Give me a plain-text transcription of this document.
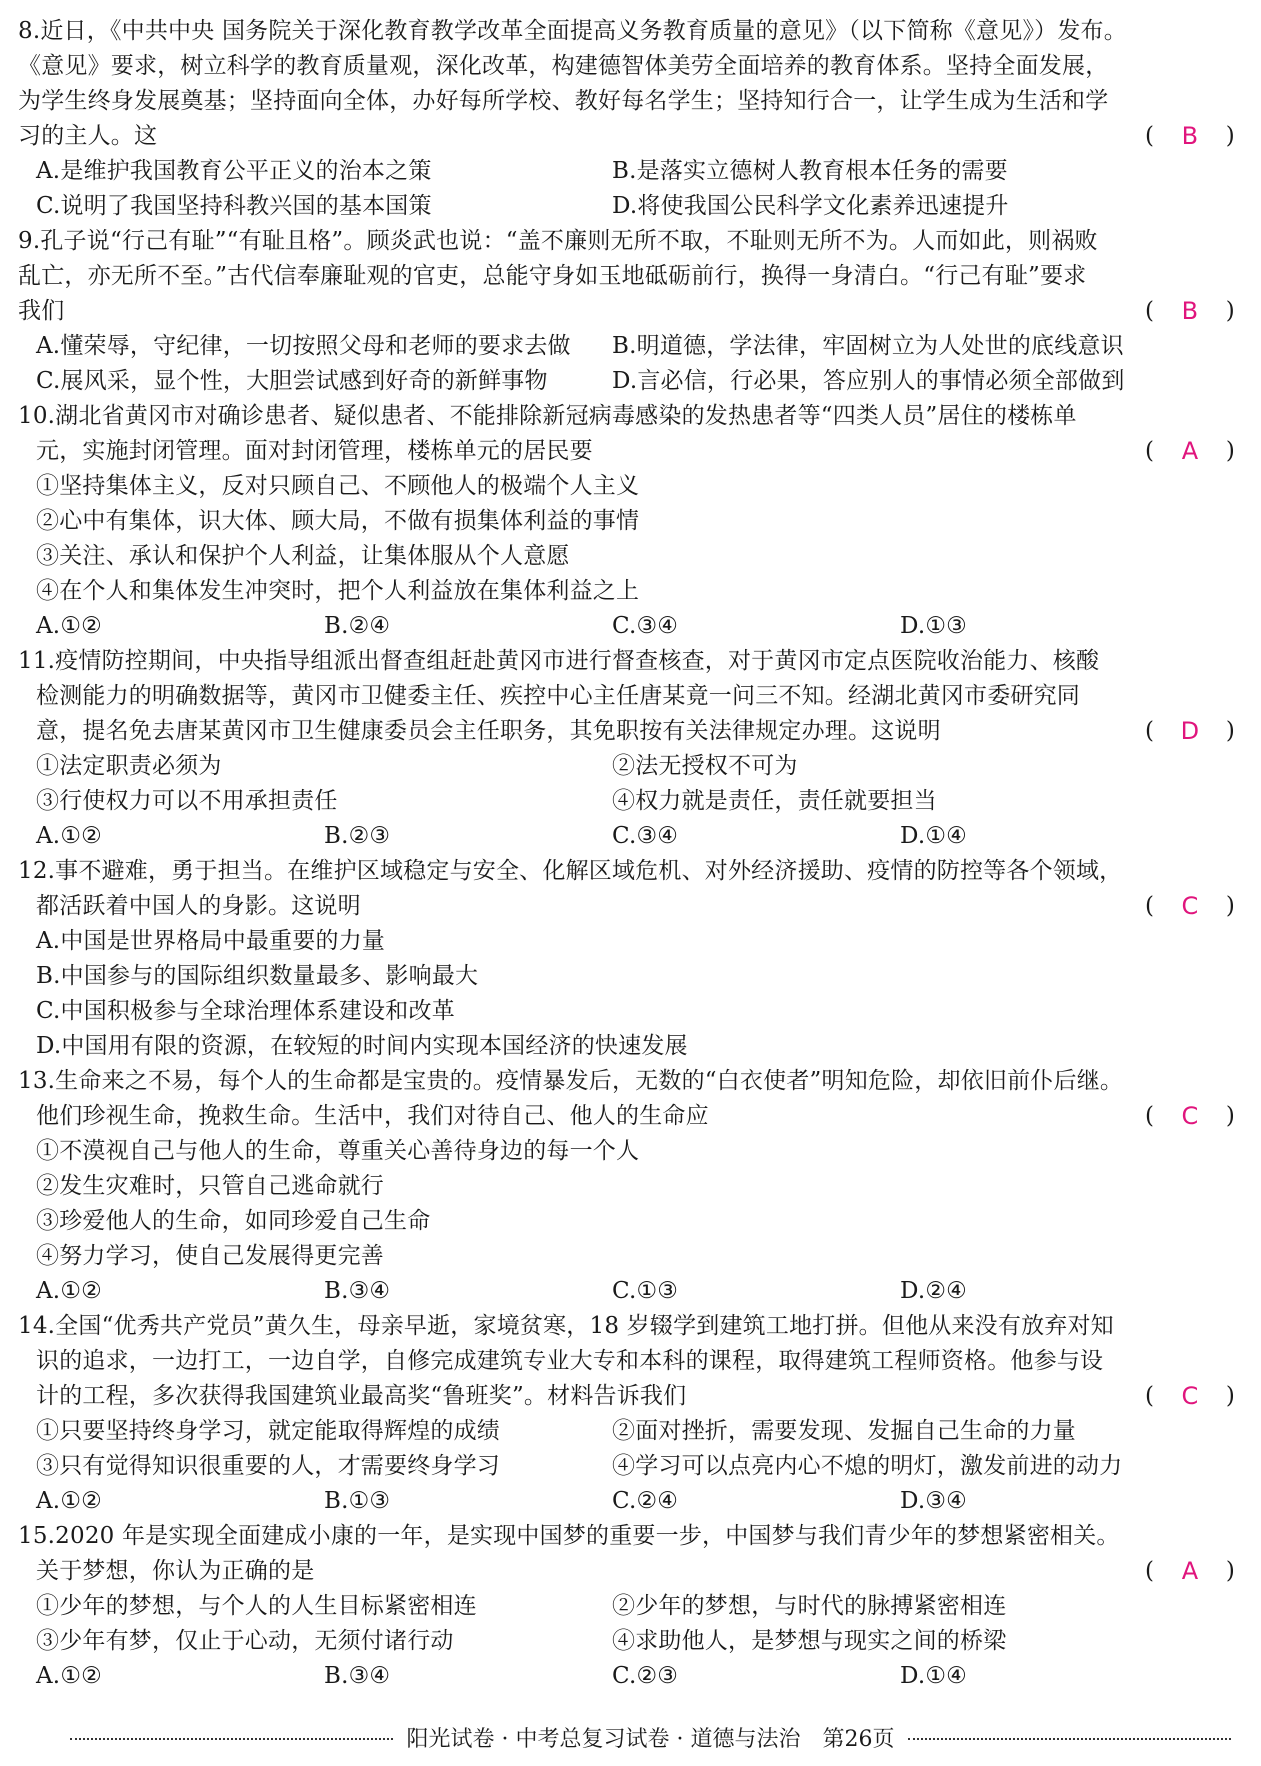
8.近日，《中共中央 国务院关于深化教育教学改革全面提高义务教育质量的意见》（以下简称《意见》）发布。
《意见》要求，树立科学的教育质量观，深化改革，构建德智体美劳全面培养的教育体系。坚持全面发展，
为学生终身发展奠基；坚持面向全体，办好每所学校、教好每名学生；坚持知行合一，让学生成为生活和学
习的主人。这	( B )
A.是维护我国教育公平正义的治本之策	B.是落实立德树人教育根本任务的需要
C.说明了我国坚持科教兴国的基本国策	D.将使我国公民科学文化素养迅速提升
9.孔子说“行己有耻”“有耻且格”。顾炎武也说：“盖不廉则无所不取，不耻则无所不为。人而如此，则祸败
乱亡，亦无所不至。”古代信奉廉耻观的官吏，总能守身如玉地砥砺前行，换得一身清白。“行己有耻”要求
我们	( B )
A.懂荣辱，守纪律，一切按照父母和老师的要求去做	B.明道德，学法律，牢固树立为人处世的底线意识
C.展风采，显个性，大胆尝试感到好奇的新鲜事物	D.言必信，行必果，答应别人的事情必须全部做到
10.湖北省黄冈市对确诊患者、疑似患者、不能排除新冠病毒感染的发热患者等“四类人员”居住的楼栋单
元，实施封闭管理。面对封闭管理，楼栋单元的居民要	( A )
①坚持集体主义，反对只顾自己、不顾他人的极端个人主义
②心中有集体，识大体、顾大局，不做有损集体利益的事情
③关注、承认和保护个人利益，让集体服从个人意愿
④在个人和集体发生冲突时，把个人利益放在集体利益之上
A.①②	B.②④	C.③④	D.①③
11.疫情防控期间，中央指导组派出督查组赶赴黄冈市进行督查核查，对于黄冈市定点医院收治能力、核酸
检测能力的明确数据等，黄冈市卫健委主任、疾控中心主任唐某竟一问三不知。经湖北黄冈市委研究同
意，提名免去唐某黄冈市卫生健康委员会主任职务，其免职按有关法律规定办理。这说明	( D )
①法定职责必须为	②法无授权不可为
③行使权力可以不用承担责任	④权力就是责任，责任就要担当
A.①②	B.②③	C.③④	D.①④
12.事不避难，勇于担当。在维护区域稳定与安全、化解区域危机、对外经济援助、疫情的防控等各个领域，
都活跃着中国人的身影。这说明	( C )
A.中国是世界格局中最重要的力量
B.中国参与的国际组织数量最多、影响最大
C.中国积极参与全球治理体系建设和改革
D.中国用有限的资源，在较短的时间内实现本国经济的快速发展
13.生命来之不易，每个人的生命都是宝贵的。疫情暴发后，无数的“白衣使者”明知危险，却依旧前仆后继。
他们珍视生命，挽救生命。生活中，我们对待自己、他人的生命应	( C )
①不漠视自己与他人的生命，尊重关心善待身边的每一个人
②发生灾难时，只管自己逃命就行
③珍爱他人的生命，如同珍爱自己生命
④努力学习，使自己发展得更完善
A.①②	B.③④	C.①③	D.②④
14.全国“优秀共产党员”黄久生，母亲早逝，家境贫寒，18 岁辍学到建筑工地打拼。但他从来没有放弃对知
识的追求，一边打工，一边自学，自修完成建筑专业大专和本科的课程，取得建筑工程师资格。他参与设
计的工程，多次获得我国建筑业最高奖“鲁班奖”。材料告诉我们	( C )
①只要坚持终身学习，就定能取得辉煌的成绩	②面对挫折，需要发现、发掘自己生命的力量
③只有觉得知识很重要的人，才需要终身学习	④学习可以点亮内心不熄的明灯，激发前进的动力
A.①②	B.①③	C.②④	D.③④
15.2020 年是实现全面建成小康的一年，是实现中国梦的重要一步，中国梦与我们青少年的梦想紧密相关。
关于梦想，你认为正确的是	( A )
①少年的梦想，与个人的人生目标紧密相连	②少年的梦想，与时代的脉搏紧密相连
③少年有梦，仅止于心动，无须付诸行动	④求助他人，是梦想与现实之间的桥梁
A.①②	B.③④	C.②③	D.①④
阳光试卷 · 中考总复习试卷 · 道德与法治　第26页
